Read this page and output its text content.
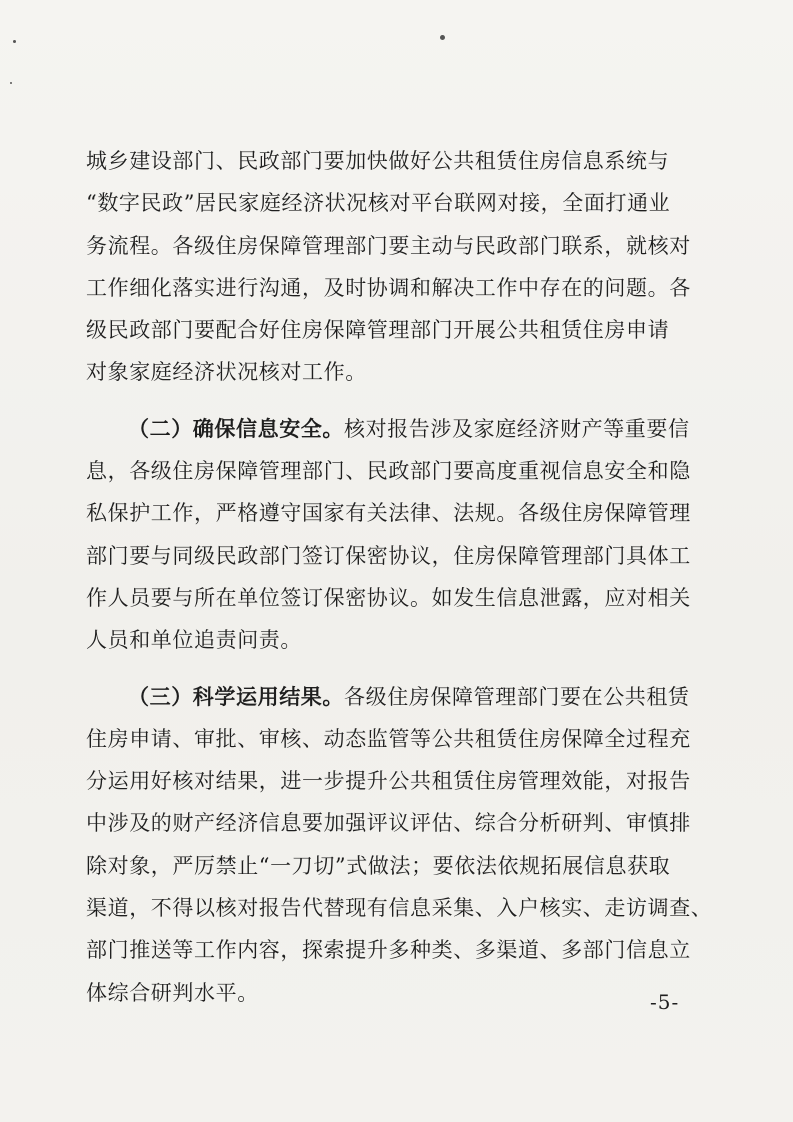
城乡建设部门、民政部门要加快做好公共租赁住房信息系统与
“数字民政”居民家庭经济状况核对平台联网对接，全面打通业
务流程。各级住房保障管理部门要主动与民政部门联系，就核对
工作细化落实进行沟通，及时协调和解决工作中存在的问题。各
级民政部门要配合好住房保障管理部门开展公共租赁住房申请
对象家庭经济状况核对工作。
（二）确保信息安全。核对报告涉及家庭经济财产等重要信
息，各级住房保障管理部门、民政部门要高度重视信息安全和隐
私保护工作，严格遵守国家有关法律、法规。各级住房保障管理
部门要与同级民政部门签订保密协议，住房保障管理部门具体工
作人员要与所在单位签订保密协议。如发生信息泄露，应对相关
人员和单位追责问责。
（三）科学运用结果。各级住房保障管理部门要在公共租赁
住房申请、审批、审核、动态监管等公共租赁住房保障全过程充
分运用好核对结果，进一步提升公共租赁住房管理效能，对报告
中涉及的财产经济信息要加强评议评估、综合分析研判、审慎排
除对象，严厉禁止“一刀切”式做法；要依法依规拓展信息获取
渠道，不得以核对报告代替现有信息采集、入户核实、走访调查、
部门推送等工作内容，探索提升多种类、多渠道、多部门信息立
体综合研判水平。	-5-
